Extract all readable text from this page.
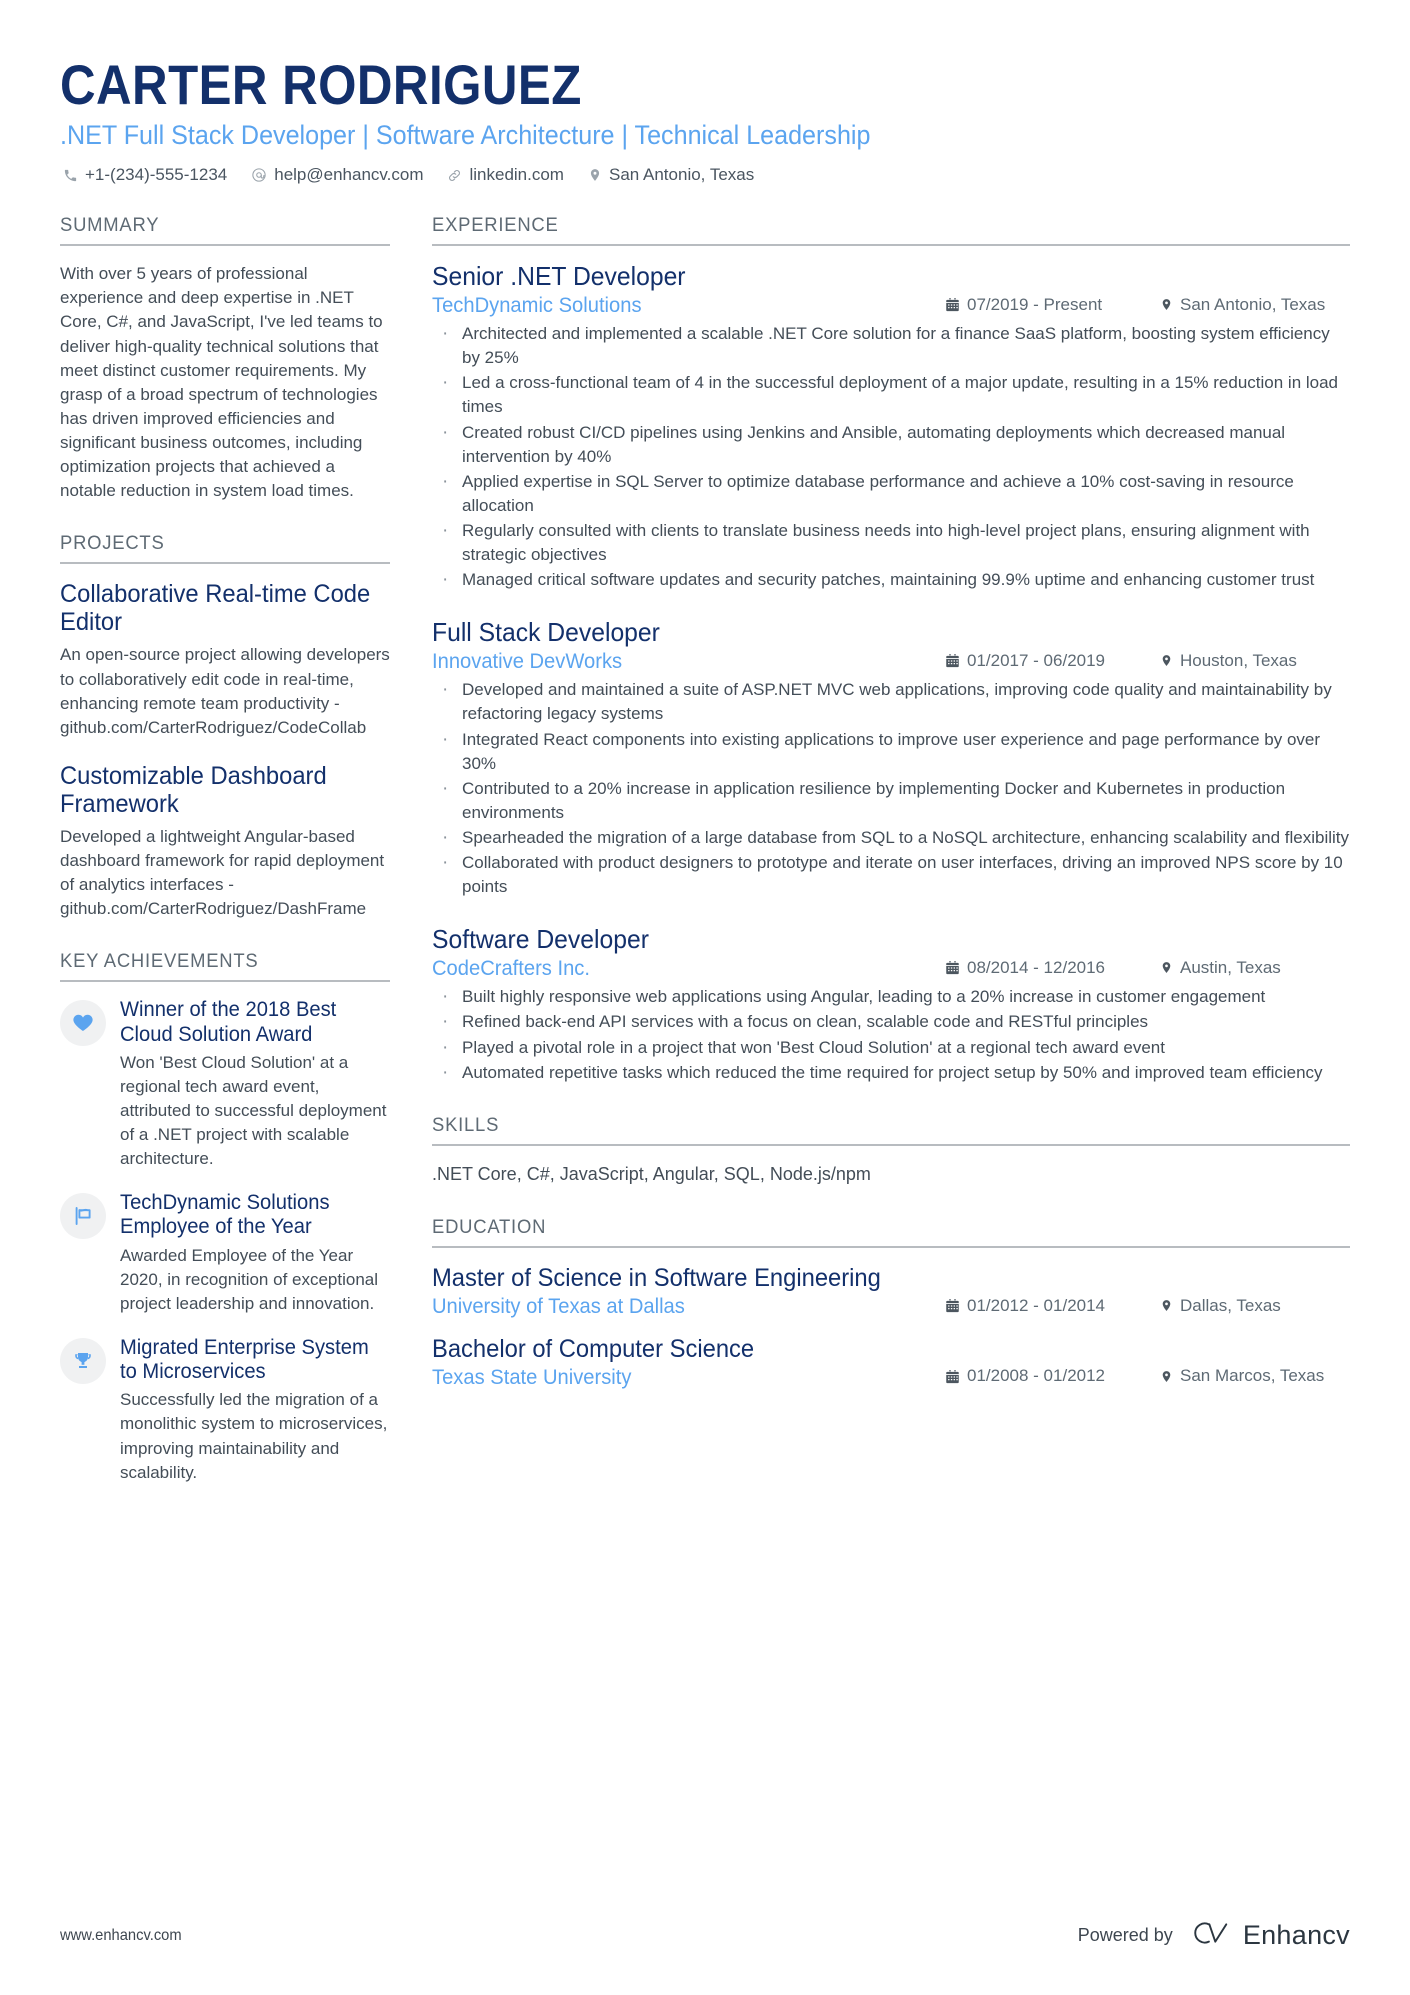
CARTER RODRIGUEZ
.NET Full Stack Developer | Software Architecture | Technical Leadership
+1-(234)-555-1234	help@enhancv.com	linkedin.com	San Antonio, Texas
SUMMARY
With over 5 years of professional experience and deep expertise in .NET Core, C#, and JavaScript, I've led teams to deliver high-quality technical solutions that meet distinct customer requirements. My grasp of a broad spectrum of technologies has driven improved efficiencies and significant business outcomes, including optimization projects that achieved a notable reduction in system load times.
PROJECTS
Collaborative Real-time Code Editor
An open-source project allowing developers to collaboratively edit code in real-time, enhancing remote team productivity - github.com/CarterRodriguez/CodeCollab
Customizable Dashboard Framework
Developed a lightweight Angular-based dashboard framework for rapid deployment of analytics interfaces - github.com/CarterRodriguez/DashFrame
KEY ACHIEVEMENTS
Winner of the 2018 Best Cloud Solution Award
Won 'Best Cloud Solution' at a regional tech award event, attributed to successful deployment of a .NET project with scalable architecture.
TechDynamic Solutions Employee of the Year
Awarded Employee of the Year 2020, in recognition of exceptional project leadership and innovation.
Migrated Enterprise System to Microservices
Successfully led the migration of a monolithic system to microservices, improving maintainability and scalability.
EXPERIENCE
Senior .NET Developer
TechDynamic Solutions	07/2019 - Present	San Antonio, Texas
· Architected and implemented a scalable .NET Core solution for a finance SaaS platform, boosting system efficiency by 25%
· Led a cross-functional team of 4 in the successful deployment of a major update, resulting in a 15% reduction in load times
· Created robust CI/CD pipelines using Jenkins and Ansible, automating deployments which decreased manual intervention by 40%
· Applied expertise in SQL Server to optimize database performance and achieve a 10% cost-saving in resource allocation
· Regularly consulted with clients to translate business needs into high-level project plans, ensuring alignment with strategic objectives
· Managed critical software updates and security patches, maintaining 99.9% uptime and enhancing customer trust
Full Stack Developer
Innovative DevWorks	01/2017 - 06/2019	Houston, Texas
· Developed and maintained a suite of ASP.NET MVC web applications, improving code quality and maintainability by refactoring legacy systems
· Integrated React components into existing applications to improve user experience and page performance by over 30%
· Contributed to a 20% increase in application resilience by implementing Docker and Kubernetes in production environments
· Spearheaded the migration of a large database from SQL to a NoSQL architecture, enhancing scalability and flexibility
· Collaborated with product designers to prototype and iterate on user interfaces, driving an improved NPS score by 10 points
Software Developer
CodeCrafters Inc.	08/2014 - 12/2016	Austin, Texas
· Built highly responsive web applications using Angular, leading to a 20% increase in customer engagement
· Refined back-end API services with a focus on clean, scalable code and RESTful principles
· Played a pivotal role in a project that won 'Best Cloud Solution' at a regional tech award event
· Automated repetitive tasks which reduced the time required for project setup by 50% and improved team efficiency
SKILLS
.NET Core, C#, JavaScript, Angular, SQL, Node.js/npm
EDUCATION
Master of Science in Software Engineering
University of Texas at Dallas	01/2012 - 01/2014	Dallas, Texas
Bachelor of Computer Science
Texas State University	01/2008 - 01/2012	San Marcos, Texas
www.enhancv.com	Powered by	Enhancv
